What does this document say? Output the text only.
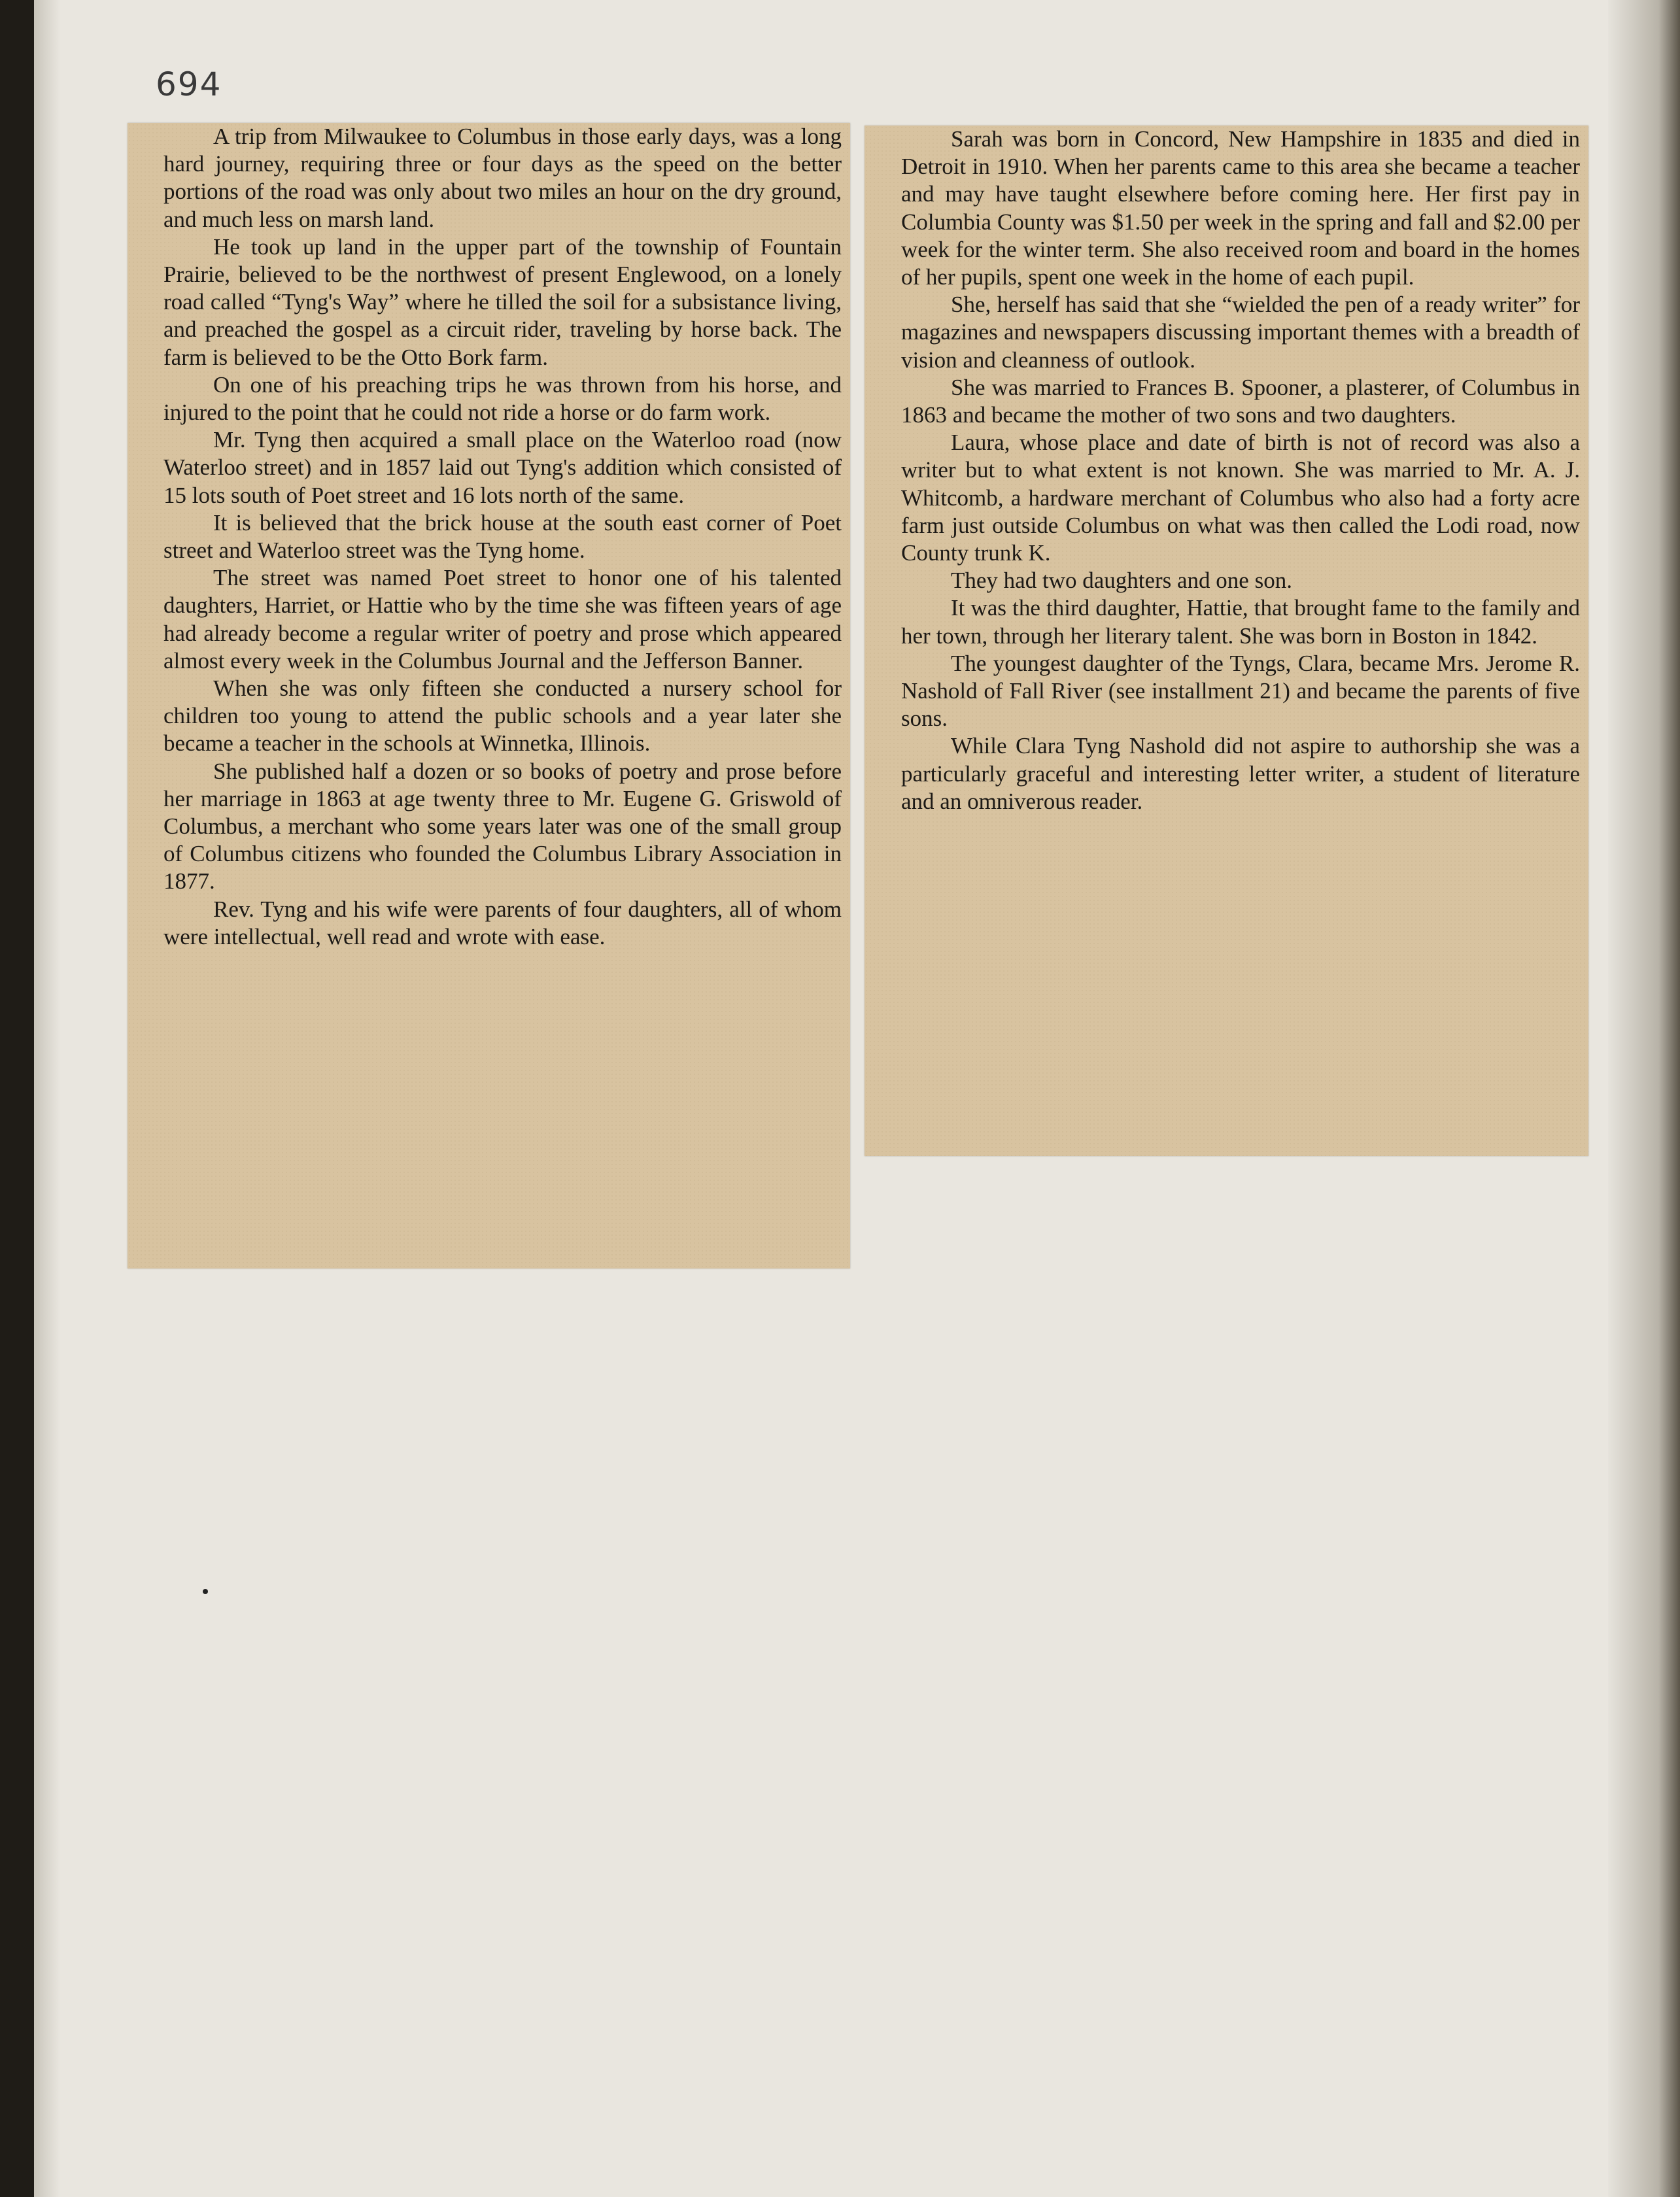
694

A trip from Milwaukee to Columbus in those early days, was a long hard journey, requiring three or four days as the speed on the better portions of the road was only about two miles an hour on the dry ground, and much less on marsh land.

He took up land in the upper part of the township of Fountain Prairie, believed to be the northwest of present Englewood, on a lonely road called “Tyng's Way” where he tilled the soil for a subsistance living, and preached the gospel as a circuit rider, traveling by horse back. The farm is believed to be the Otto Bork farm.

On one of his preaching trips he was thrown from his horse, and injured to the point that he could not ride a horse or do farm work.

Mr. Tyng then acquired a small place on the Waterloo road (now Waterloo street) and in 1857 laid out Tyng's addition which consisted of 15 lots south of Poet street and 16 lots north of the same.

It is believed that the brick house at the south east corner of Poet street and Waterloo street was the Tyng home.

The street was named Poet street to honor one of his talented daughters, Harriet, or Hattie who by the time she was fifteen years of age had already become a regular writer of poetry and prose which appeared almost every week in the Columbus Journal and the Jefferson Banner.

When she was only fifteen she conducted a nursery school for children too young to attend the public schools and a year later she became a teacher in the schools at Winnetka, Illinois.

She published half a dozen or so books of poetry and prose before her marriage in 1863 at age twenty three to Mr. Eugene G. Griswold of Columbus, a merchant who some years later was one of the small group of Columbus citizens who founded the Columbus Library Association in 1877.

Rev. Tyng and his wife were parents of four daughters, all of whom were intellectual, well read and wrote with ease.

Sarah was born in Concord, New Hampshire in 1835 and died in Detroit in 1910. When her parents came to this area she became a teacher and may have taught elsewhere before coming here. Her first pay in Columbia County was $1.50 per week in the spring and fall and $2.00 per week for the winter term. She also received room and board in the homes of her pupils, spent one week in the home of each pupil.

She, herself has said that she “wielded the pen of a ready writer” for magazines and newspapers discussing important themes with a breadth of vision and cleanness of outlook.

She was married to Frances B. Spooner, a plasterer, of Columbus in 1863 and became the mother of two sons and two daughters.

Laura, whose place and date of birth is not of record was also a writer but to what extent is not known. She was married to Mr. A. J. Whitcomb, a hardware merchant of Columbus who also had a forty acre farm just outside Columbus on what was then called the Lodi road, now County trunk K.

They had two daughters and one son.

It was the third daughter, Hattie, that brought fame to the family and her town, through her literary talent. She was born in Boston in 1842.

The youngest daughter of the Tyngs, Clara, became Mrs. Jerome R. Nashold of Fall River (see installment 21) and became the parents of five sons.

While Clara Tyng Nashold did not aspire to authorship she was a particularly graceful and interesting letter writer, a student of literature and an omniverous reader.
